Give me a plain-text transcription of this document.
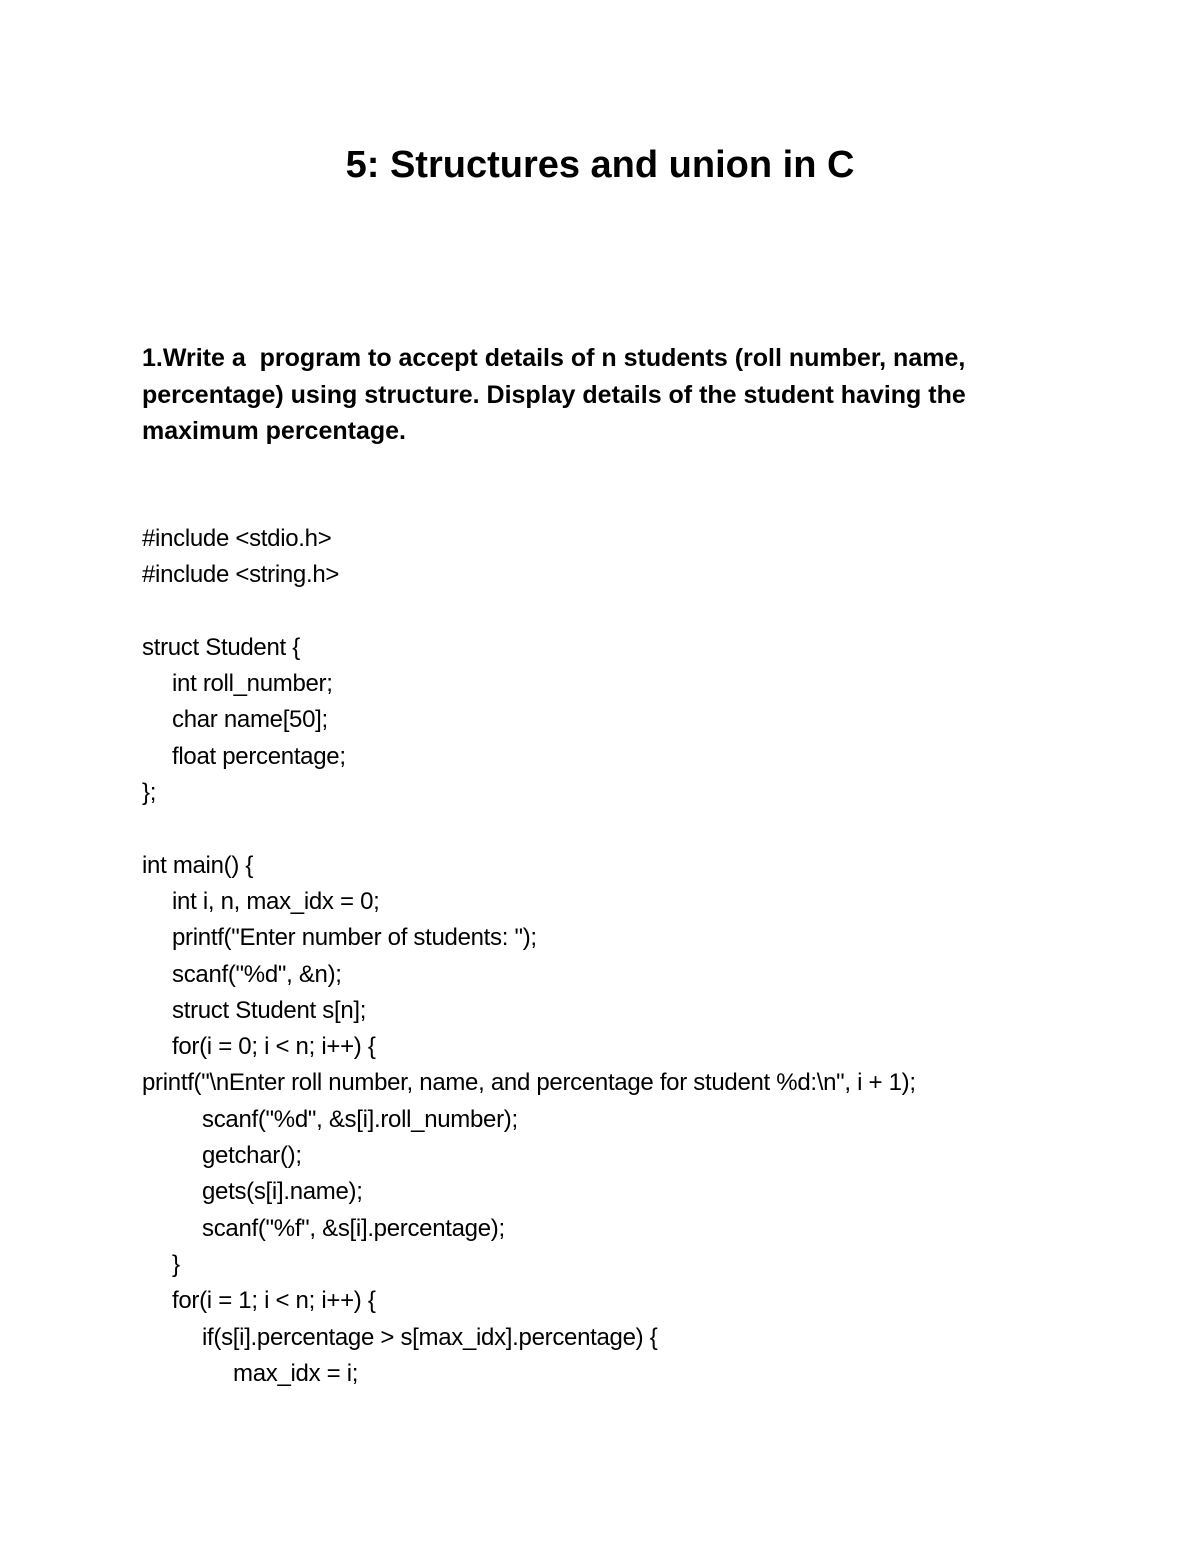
5: Structures and union in C

1.Write a  program to accept details of n students (roll number, name, percentage) using structure. Display details of the student having the maximum percentage.

#include <stdio.h>
#include <string.h>
struct Student {
int roll_number;
char name[50];
float percentage;
};
int main() {
int i, n, max_idx = 0;
printf("Enter number of students: ");
scanf("%d", &n);
struct Student s[n];
for(i = 0; i < n; i++) {
printf("\nEnter roll number, name, and percentage for student %d:\n", i + 1);
scanf("%d", &s[i].roll_number);
getchar();
gets(s[i].name);
scanf("%f", &s[i].percentage);
}
for(i = 1; i < n; i++) {
if(s[i].percentage > s[max_idx].percentage) {
max_idx = i;
